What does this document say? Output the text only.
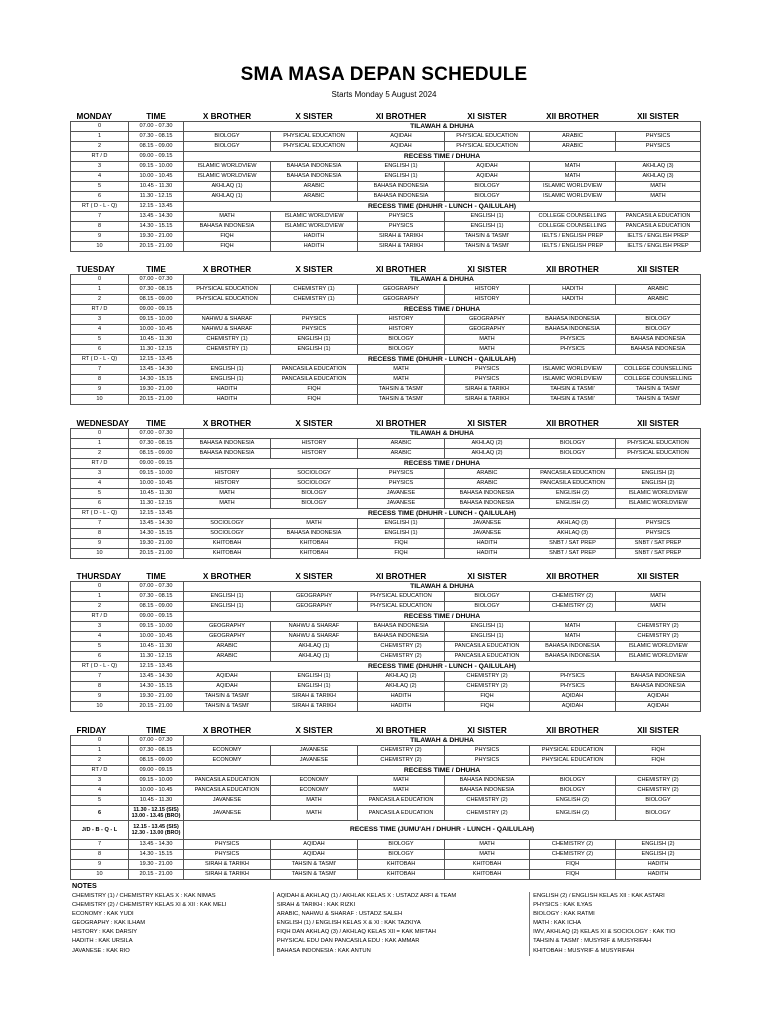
SMA MASA DEPAN SCHEDULE
Starts Monday 5 August 2024
MONDAY	TIME	X BROTHER	X SISTER	XI BROTHER	XI SISTER	XII BROTHER	XII SISTER
0	07.00 - 07.30	TILAWAH & DHUHA					
1	07.30 - 08.15	BIOLOGY	PHYSICAL EDUCATION	AQIDAH	PHYSICAL EDUCATION	ARABIC	PHYSICS
2	08.15 - 09.00	BIOLOGY	PHYSICAL EDUCATION	AQIDAH	PHYSICAL EDUCATION	ARABIC	PHYSICS
RT / D	09.00 - 09.15	RECESS TIME / DHUHA					
3	09.15 - 10.00	ISLAMIC WORLDVIEW	BAHASA INDONESIA	ENGLISH (1)	AQIDAH	MATH	AKHLAQ (3)
4	10.00 - 10.45	ISLAMIC WORLDVIEW	BAHASA INDONESIA	ENGLISH (1)	AQIDAH	MATH	AKHLAQ (3)
5	10.45 - 11.30	AKHLAQ (1)	ARABIC	BAHASA INDONESIA	BIOLOGY	ISLAMIC WORLDVIEW	MATH
6	11.30 - 12.15	AKHLAQ (1)	ARABIC	BAHASA INDONESIA	BIOLOGY	ISLAMIC WORLDVIEW	MATH
RT ( D - L - Q)	12.15 - 13.45	RECESS TIME (DHUHR - LUNCH - QAILULAH)					
7	13.45 - 14.30	MATH	ISLAMIC WORLDVIEW	PHYSICS	ENGLISH (1)	COLLEGE COUNSELLING	PANCASILA EDUCATION
8	14.30 - 15.15	BAHASA INDONESIA	ISLAMIC WORLDVIEW	PHYSICS	ENGLISH (1)	COLLEGE COUNSELLING	PANCASILA EDUCATION
9	19.30 - 21.00	FIQH	HADITH	SIRAH & TARIKH	TAHSIN & TASMI'	IELTS / ENGLISH PREP	IELTS / ENGLISH PREP
10	20.15 - 21.00	FIQH	HADITH	SIRAH & TARIKH	TAHSIN & TASMI'	IELTS / ENGLISH PREP	IELTS / ENGLISH PREP
TUESDAY	TIME	X BROTHER	X SISTER	XI BROTHER	XI SISTER	XII BROTHER	XII SISTER
0	07.00 - 07.30	TILAWAH & DHUHA					
1	07.30 - 08.15	PHYSICAL EDUCATION	CHEMISTRY (1)	GEOGRAPHY	HISTORY	HADITH	ARABIC
2	08.15 - 09.00	PHYSICAL EDUCATION	CHEMISTRY (1)	GEOGRAPHY	HISTORY	HADITH	ARABIC
RT / D	09.00 - 09.15	RECESS TIME / DHUHA					
3	09.15 - 10.00	NAHWU & SHARAF	PHYSICS	HISTORY	GEOGRAPHY	BAHASA INDONESIA	BIOLOGY
4	10.00 - 10.45	NAHWU & SHARAF	PHYSICS	HISTORY	GEOGRAPHY	BAHASA INDONESIA	BIOLOGY
5	10.45 - 11.30	CHEMISTRY (1)	ENGLISH (1)	BIOLOGY	MATH	PHYSICS	BAHASA INDONESIA
6	11.30 - 12.15	CHEMISTRY (1)	ENGLISH (1)	BIOLOGY	MATH	PHYSICS	BAHASA INDONESIA
RT ( D - L - Q)	12.15 - 13.45	RECESS TIME (DHUHR - LUNCH - QAILULAH)					
7	13.45 - 14.30	ENGLISH (1)	PANCASILA EDUCATION	MATH	PHYSICS	ISLAMIC WORLDVIEW	COLLEGE COUNSELLING
8	14.30 - 15.15	ENGLISH (1)	PANCASILA EDUCATION	MATH	PHYSICS	ISLAMIC WORLDVIEW	COLLEGE COUNSELLING
9	19.30 - 21.00	HADITH	FIQH	TAHSIN & TASMI'	SIRAH & TARIKH	TAHSIN & TASMI'	TAHSIN & TASMI'
10	20.15 - 21.00	HADITH	FIQH	TAHSIN & TASMI'	SIRAH & TARIKH	TAHSIN & TASMI'	TAHSIN & TASMI'
WEDNESDAY	TIME	X BROTHER	X SISTER	XI BROTHER	XI SISTER	XII BROTHER	XII SISTER
0	07.00 - 07.30	TILAWAH & DHUHA					
1	07.30 - 08.15	BAHASA INDONESIA	HISTORY	ARABIC	AKHLAQ (2)	BIOLOGY	PHYSICAL EDUCATION
2	08.15 - 09.00	BAHASA INDONESIA	HISTORY	ARABIC	AKHLAQ (2)	BIOLOGY	PHYSICAL EDUCATION
RT / D	09.00 - 09.15	RECESS TIME / DHUHA					
3	09.15 - 10.00	HISTORY	SOCIOLOGY	PHYSICS	ARABIC	PANCASILA EDUCATION	ENGLISH (2)
4	10.00 - 10.45	HISTORY	SOCIOLOGY	PHYSICS	ARABIC	PANCASILA EDUCATION	ENGLISH (2)
5	10.45 - 11.30	MATH	BIOLOGY	JAVANESE	BAHASA INDONESIA	ENGLISH (2)	ISLAMIC WORLDVIEW
6	11.30 - 12.15	MATH	BIOLOGY	JAVANESE	BAHASA INDONESIA	ENGLISH (2)	ISLAMIC WORLDVIEW
RT ( D - L - Q)	12.15 - 13.45	RECESS TIME (DHUHR - LUNCH - QAILULAH)					
7	13.45 - 14.30	SOCIOLOGY	MATH	ENGLISH (1)	JAVANESE	AKHLAQ (3)	PHYSICS
8	14.30 - 15.15	SOCIOLOGY	BAHASA INDONESIA	ENGLISH (1)	JAVANESE	AKHLAQ (3)	PHYSICS
9	19.30 - 21.00	KHITOBAH	KHITOBAH	FIQH	HADITH	SNBT / SAT PREP	SNBT / SAT PREP
10	20.15 - 21.00	KHITOBAH	KHITOBAH	FIQH	HADITH	SNBT / SAT PREP	SNBT / SAT PREP
THURSDAY	TIME	X BROTHER	X SISTER	XI BROTHER	XI SISTER	XII BROTHER	XII SISTER
0	07.00 - 07.30	TILAWAH & DHUHA					
1	07.30 - 08.15	ENGLISH (1)	GEOGRAPHY	PHYSICAL EDUCATION	BIOLOGY	CHEMISTRY (2)	MATH
2	08.15 - 09.00	ENGLISH (1)	GEOGRAPHY	PHYSICAL EDUCATION	BIOLOGY	CHEMISTRY (2)	MATH
RT / D	09.00 - 09.15	RECESS TIME / DHUHA					
3	09.15 - 10.00	GEOGRAPHY	NAHWU & SHARAF	BAHASA INDONESIA	ENGLISH (1)	MATH	CHEMISTRY (2)
4	10.00 - 10.45	GEOGRAPHY	NAHWU & SHARAF	BAHASA INDONESIA	ENGLISH (1)	MATH	CHEMISTRY (2)
5	10.45 - 11.30	ARABIC	AKHLAQ (1)	CHEMISTRY (2)	PANCASILA EDUCATION	BAHASA INDONESIA	ISLAMIC WORLDVIEW
6	11.30 - 12.15	ARABIC	AKHLAQ (1)	CHEMISTRY (2)	PANCASILA EDUCATION	BAHASA INDONESIA	ISLAMIC WORLDVIEW
RT ( D - L - Q)	12.15 - 13.45	RECESS TIME (DHUHR - LUNCH - QAILULAH)					
7	13.45 - 14.30	AQIDAH	ENGLISH (1)	AKHLAQ (2)	CHEMISTRY (2)	PHYSICS	BAHASA INDONESIA
8	14.30 - 15.15	AQIDAH	ENGLISH (1)	AKHLAQ (2)	CHEMISTRY (2)	PHYSICS	BAHASA INDONESIA
9	19.30 - 21.00	TAHSIN & TASMI'	SIRAH & TARIKH	HADITH	FIQH	AQIDAH	AQIDAH
10	20.15 - 21.00	TAHSIN & TASMI'	SIRAH & TARIKH	HADITH	FIQH	AQIDAH	AQIDAH
FRIDAY	TIME	X BROTHER	X SISTER	XI BROTHER	XI SISTER	XII BROTHER	XII SISTER
0	07.00 - 07.30	TILAWAH & DHUHA					
1	07.30 - 08.15	ECONOMY	JAVANESE	CHEMISTRY (2)	PHYSICS	PHYSICAL EDUCATION	FIQH
2	08.15 - 09.00	ECONOMY	JAVANESE	CHEMISTRY (2)	PHYSICS	PHYSICAL EDUCATION	FIQH
RT / D	09.00 - 09.15	RECESS TIME / DHUHA					
3	09.15 - 10.00	PANCASILA EDUCATION	ECONOMY	MATH	BAHASA INDONESIA	BIOLOGY	CHEMISTRY (2)
4	10.00 - 10.45	PANCASILA EDUCATION	ECONOMY	MATH	BAHASA INDONESIA	BIOLOGY	CHEMISTRY (2)
5	10.45 - 11.30	JAVANESE	MATH	PANCASILA EDUCATION	CHEMISTRY (2)	ENGLISH (2)	BIOLOGY
6	11.30 - 12.15 (SIS)
13.00 - 13.45 (BRO)	JAVANESE	MATH	PANCASILA EDUCATION	CHEMISTRY (2)	ENGLISH (2)	BIOLOGY
J/D - B - Q - L	12.15 - 13.45 (SIS)
12.30 - 13.00 (BRO)	RECESS TIME (JUMU'AH / DHUHR - LUNCH - QAILULAH)					
7	13.45 - 14.30	PHYSICS	AQIDAH	BIOLOGY	MATH	CHEMISTRY (2)	ENGLISH (2)
8	14.30 - 15.15	PHYSICS	AQIDAH	BIOLOGY	MATH	CHEMISTRY (2)	ENGLISH (2)
9	19.30 - 21.00	SIRAH & TARIKH	TAHSIN & TASMI'	KHITOBAH	KHITOBAH	FIQH	HADITH
10	20.15 - 21.00	SIRAH & TARIKH	TAHSIN & TASMI'	KHITOBAH	KHITOBAH	FIQH	HADITH
NOTES
CHEMISTRY (1) / CHEMISTRY KELAS X : KAK NIMAS
CHEMISTRY (2) / CHEMISTRY KELAS XI & XII : KAK MELI
ECONOMY : KAK YUDI
GEOGRAPHY : KAK ILHAM
HISTORY : KAK DARSIY
HADITH : KAK URSILA
JAVANESE : KAK RIO
AQIDAH & AKHLAQ (1) / AKHLAK KELAS X : USTADZ ARFI & TEAM
SIRAH & TARIKH : KAK RIZKI
ARABIC, NAHWU & SHARAF : USTADZ SALEH
ENGLISH (1) / ENGLISH KELAS X & XI : KAK TAZKIYA
FIQH DAN AKHLAQ (3) / AKHLAQ KELAS XII = KAK MIFTAH
PHYSICAL EDU DAN PANCASILA EDU : KAK AMMAR
BAHASA INDONESIA : KAK ANTUN
ENGLISH (2) / ENGLISH KELAS XII : KAK ASTARI
PHYSICS : KAK ILYAS
BIOLOGY : KAK RATMI
MATH : KAK ICHA
IWV, AKHLAQ (2) KELAS XI & SOCIOLOGY : KAK TIO
TAHSIN & TASMI' : MUSYRIF & MUSYRIFAH
KHITOBAH : MUSYRIF & MUSYRIFAH
